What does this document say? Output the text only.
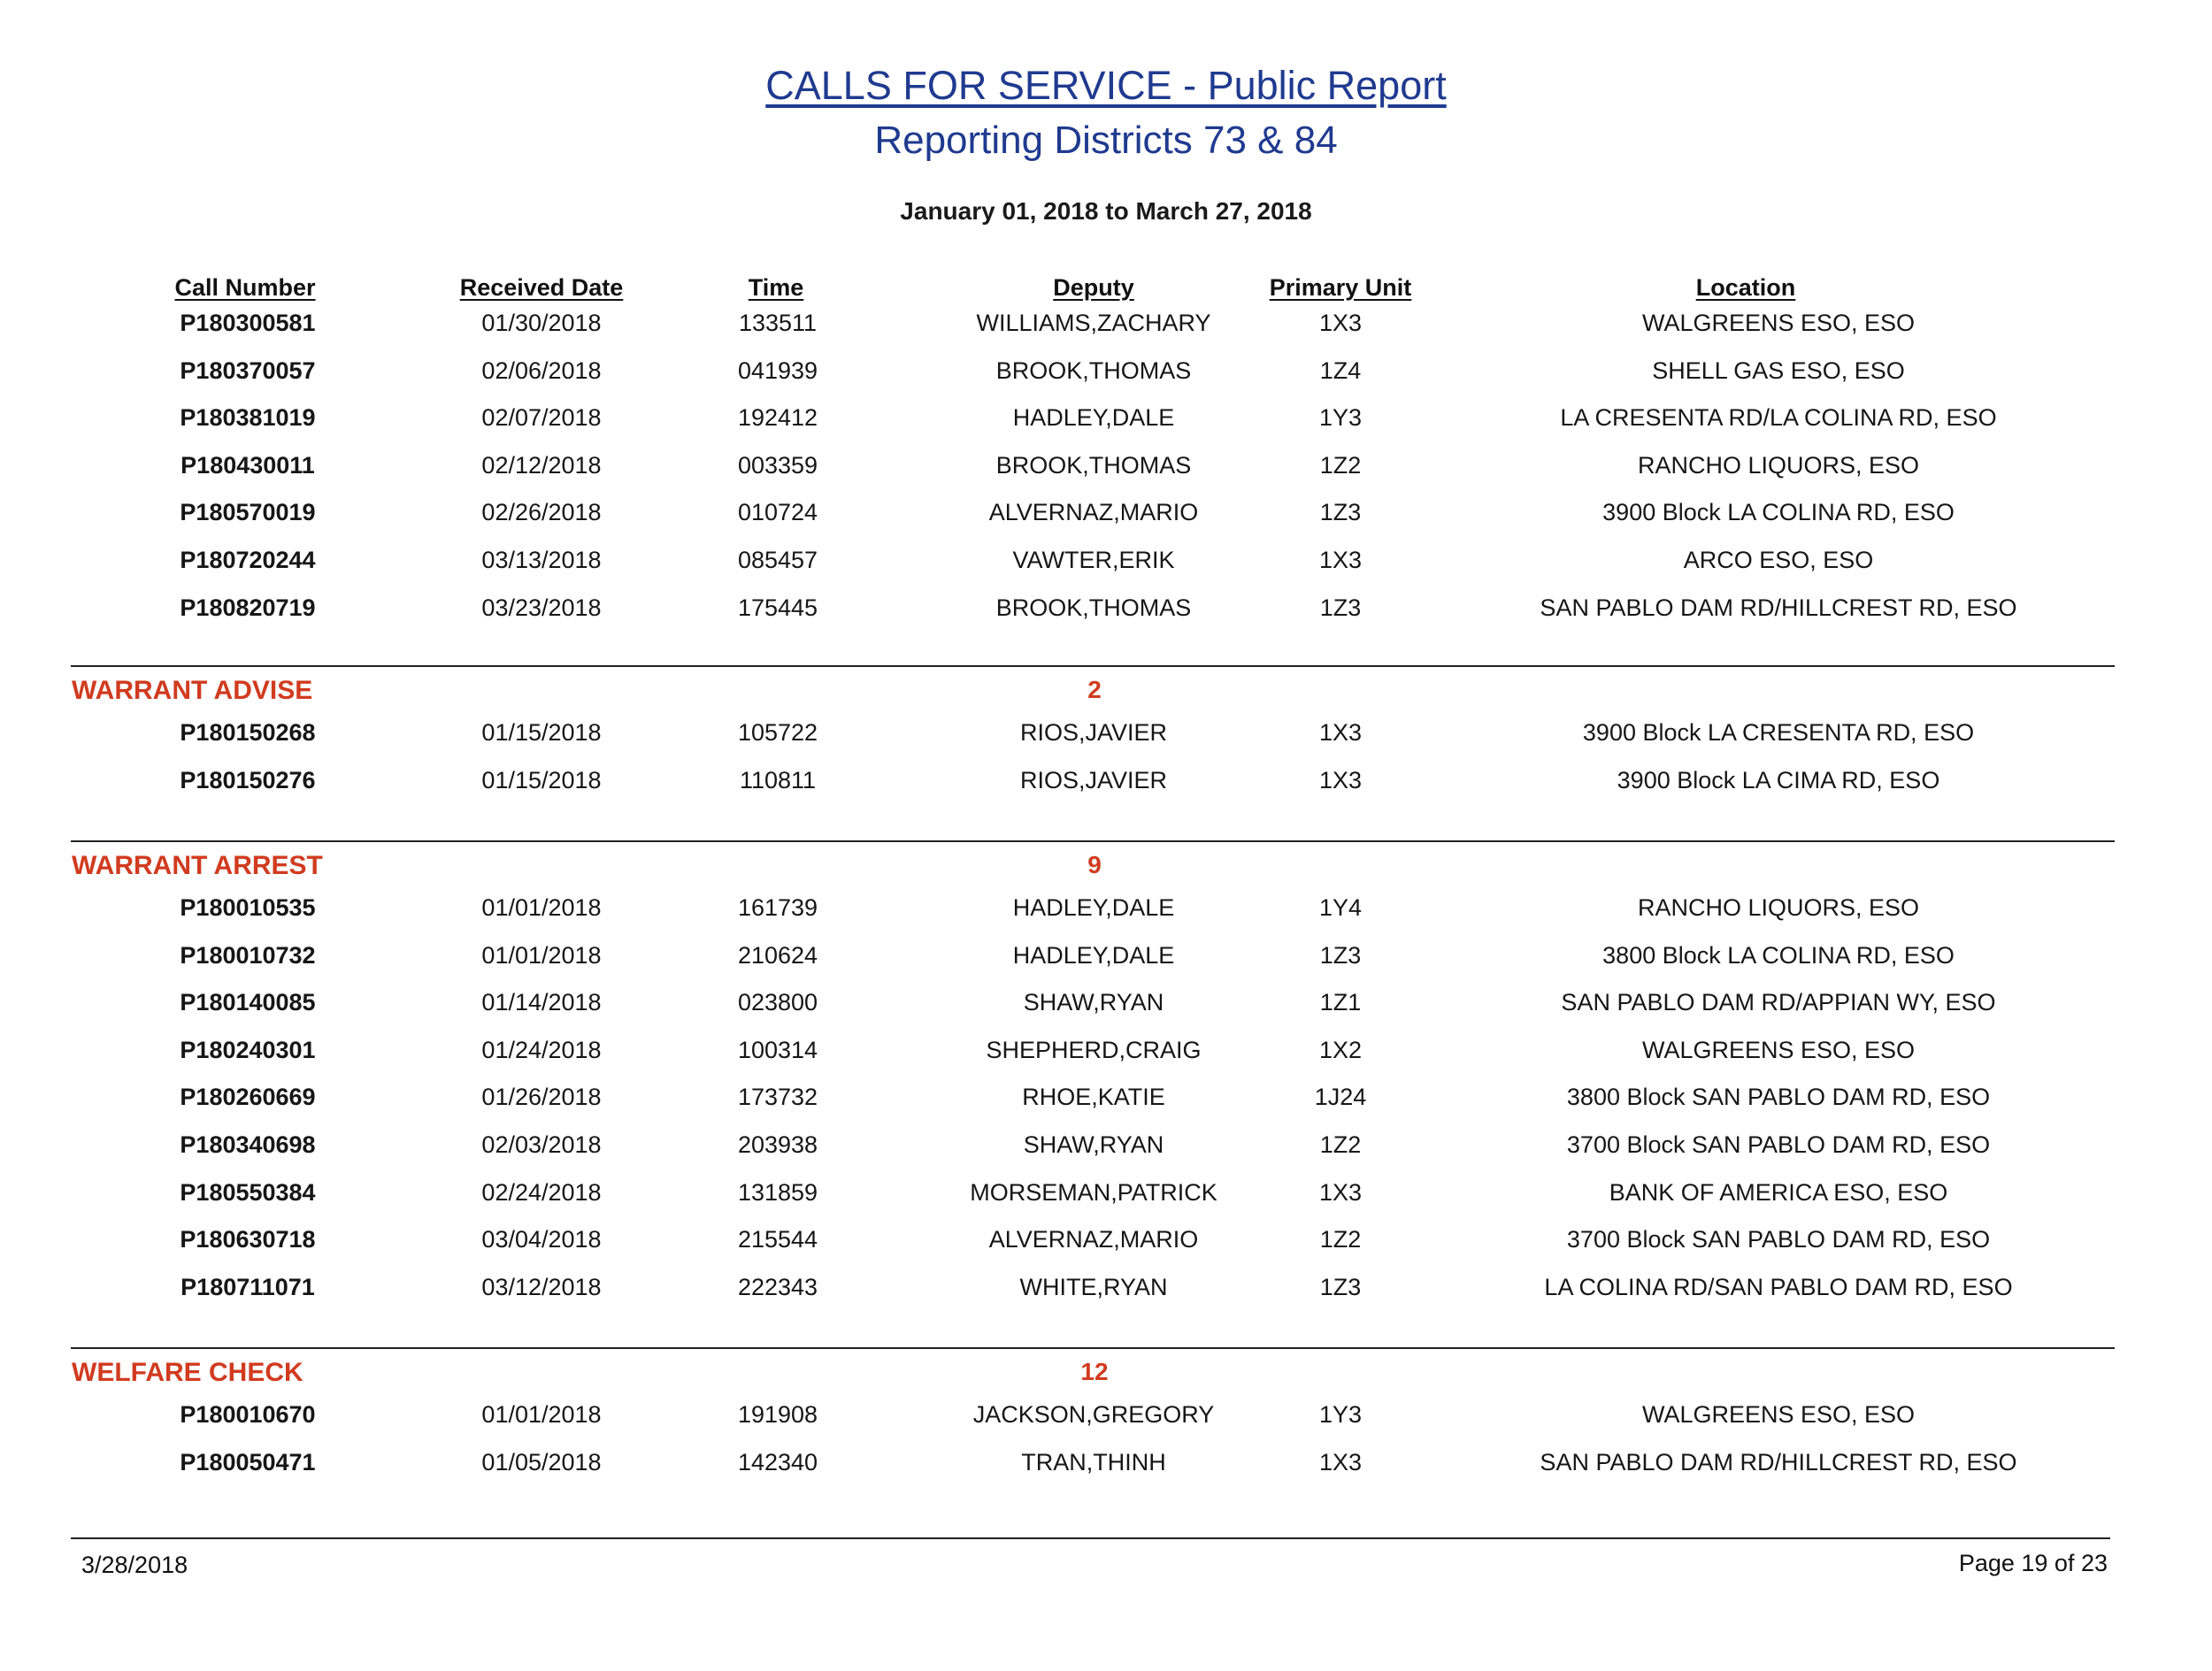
CALLS FOR SERVICE - Public Report
Reporting Districts 73 & 84
January 01, 2018 to March 27, 2018
Call Number	Received Date	Time	Deputy	Primary Unit	Location
P180300581	01/30/2018	133511	WILLIAMS,ZACHARY	1X3	WALGREENS ESO, ESO
P180370057	02/06/2018	041939	BROOK,THOMAS	1Z4	SHELL GAS ESO, ESO
P180381019	02/07/2018	192412	HADLEY,DALE	1Y3	LA CRESENTA RD/LA COLINA RD, ESO
P180430011	02/12/2018	003359	BROOK,THOMAS	1Z2	RANCHO LIQUORS, ESO
P180570019	02/26/2018	010724	ALVERNAZ,MARIO	1Z3	3900 Block LA COLINA RD, ESO
P180720244	03/13/2018	085457	VAWTER,ERIK	1X3	ARCO ESO, ESO
P180820719	03/23/2018	175445	BROOK,THOMAS	1Z3	SAN PABLO DAM RD/HILLCREST RD, ESO
WARRANT ADVISE	2
P180150268	01/15/2018	105722	RIOS,JAVIER	1X3	3900 Block LA CRESENTA RD, ESO
P180150276	01/15/2018	110811	RIOS,JAVIER	1X3	3900 Block LA CIMA RD, ESO
WARRANT ARREST	9
P180010535	01/01/2018	161739	HADLEY,DALE	1Y4	RANCHO LIQUORS, ESO
P180010732	01/01/2018	210624	HADLEY,DALE	1Z3	3800 Block LA COLINA RD, ESO
P180140085	01/14/2018	023800	SHAW,RYAN	1Z1	SAN PABLO DAM RD/APPIAN WY, ESO
P180240301	01/24/2018	100314	SHEPHERD,CRAIG	1X2	WALGREENS ESO, ESO
P180260669	01/26/2018	173732	RHOE,KATIE	1J24	3800 Block SAN PABLO DAM RD, ESO
P180340698	02/03/2018	203938	SHAW,RYAN	1Z2	3700 Block SAN PABLO DAM RD, ESO
P180550384	02/24/2018	131859	MORSEMAN,PATRICK	1X3	BANK OF AMERICA ESO, ESO
P180630718	03/04/2018	215544	ALVERNAZ,MARIO	1Z2	3700 Block SAN PABLO DAM RD, ESO
P180711071	03/12/2018	222343	WHITE,RYAN	1Z3	LA COLINA RD/SAN PABLO DAM RD, ESO
WELFARE CHECK	12
P180010670	01/01/2018	191908	JACKSON,GREGORY	1Y3	WALGREENS ESO, ESO
P180050471	01/05/2018	142340	TRAN,THINH	1X3	SAN PABLO DAM RD/HILLCREST RD, ESO
3/28/2018	Page 19 of 23
